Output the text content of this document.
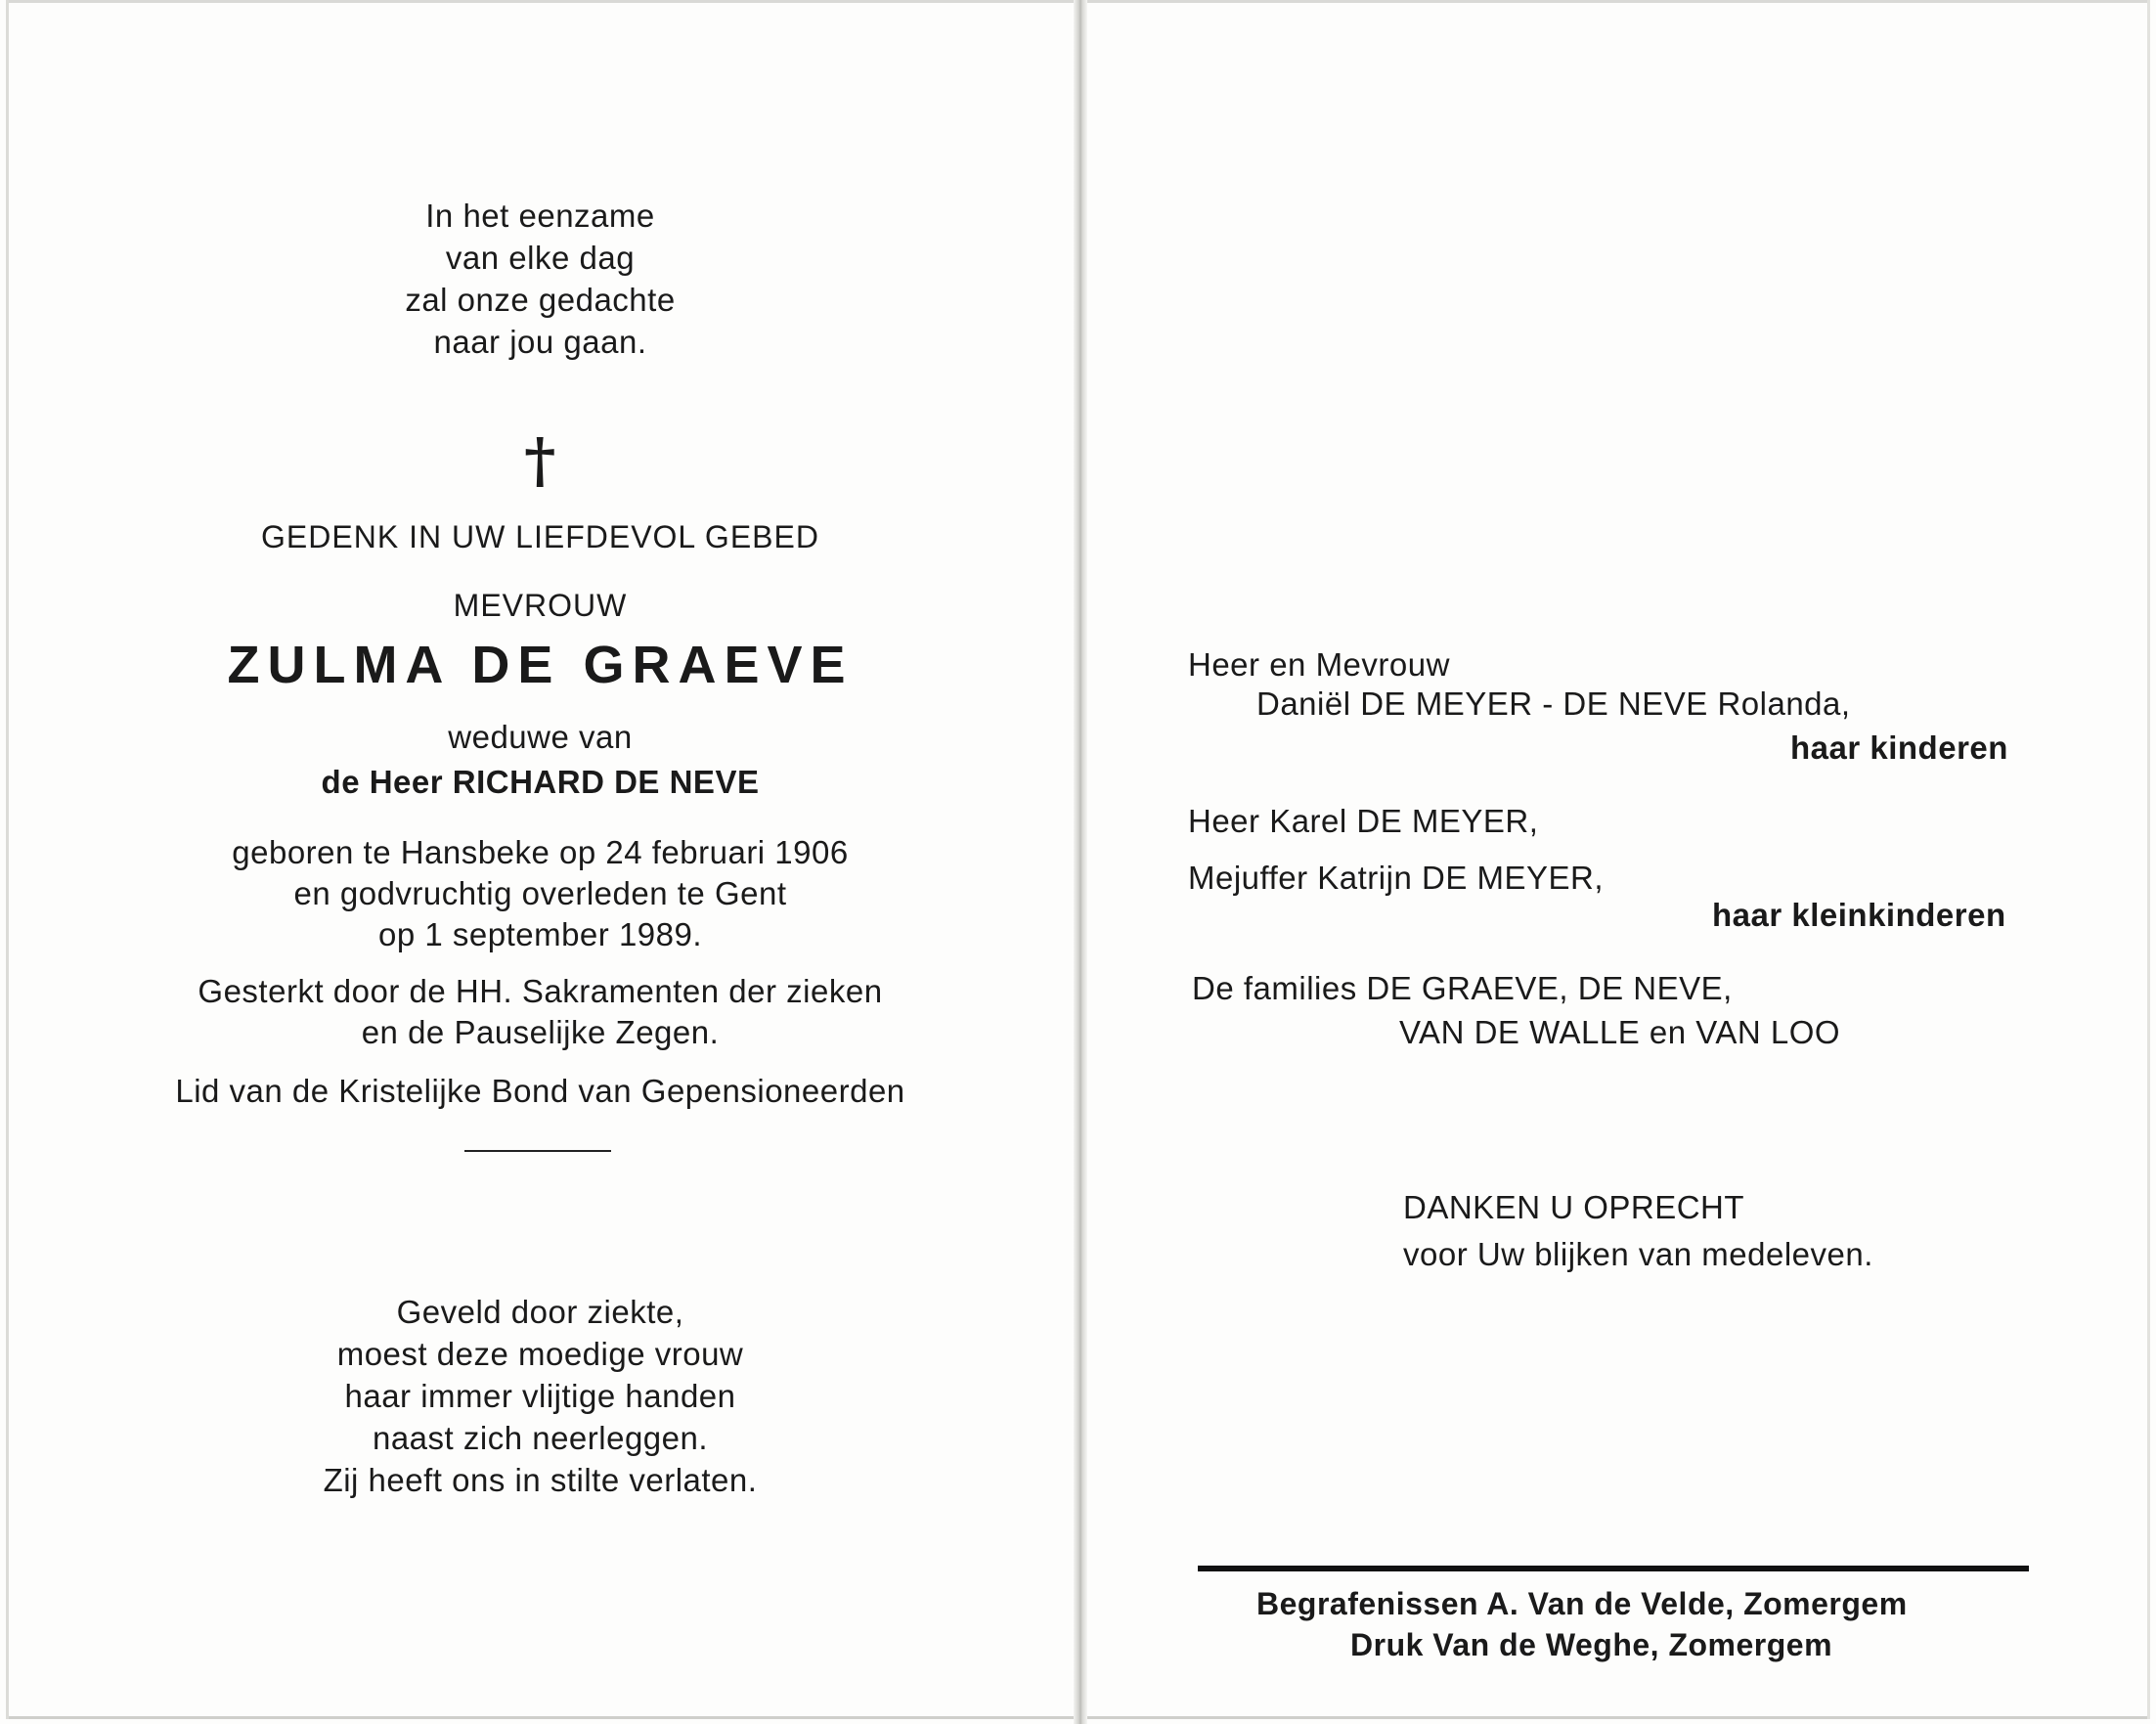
In het eenzame
van elke dag
zal onze gedachte
naar jou gaan.
†
GEDENK IN UW LIEFDEVOL GEBED
MEVROUW
ZULMA DE GRAEVE
weduwe van
de Heer RICHARD DE NEVE
geboren te Hansbeke op 24 februari 1906
en godvruchtig overleden te Gent
op 1 september 1989.
Gesterkt door de HH. Sakramenten der zieken
en de Pauselijke Zegen.
Lid van de Kristelijke Bond van Gepensioneerden
Geveld door ziekte,
moest deze moedige vrouw
haar immer vlijtige handen
naast zich neerleggen.
Zij heeft ons in stilte verlaten.
Heer en Mevrouw
Daniël DE MEYER - DE NEVE Rolanda,
haar kinderen
Heer Karel DE MEYER,
Mejuffer Katrijn DE MEYER,
haar kleinkinderen
De families DE GRAEVE, DE NEVE,
VAN DE WALLE en VAN LOO
DANKEN U OPRECHT
voor Uw blijken van medeleven.
Begrafenissen A. Van de Velde, Zomergem
Druk Van de Weghe, Zomergem
